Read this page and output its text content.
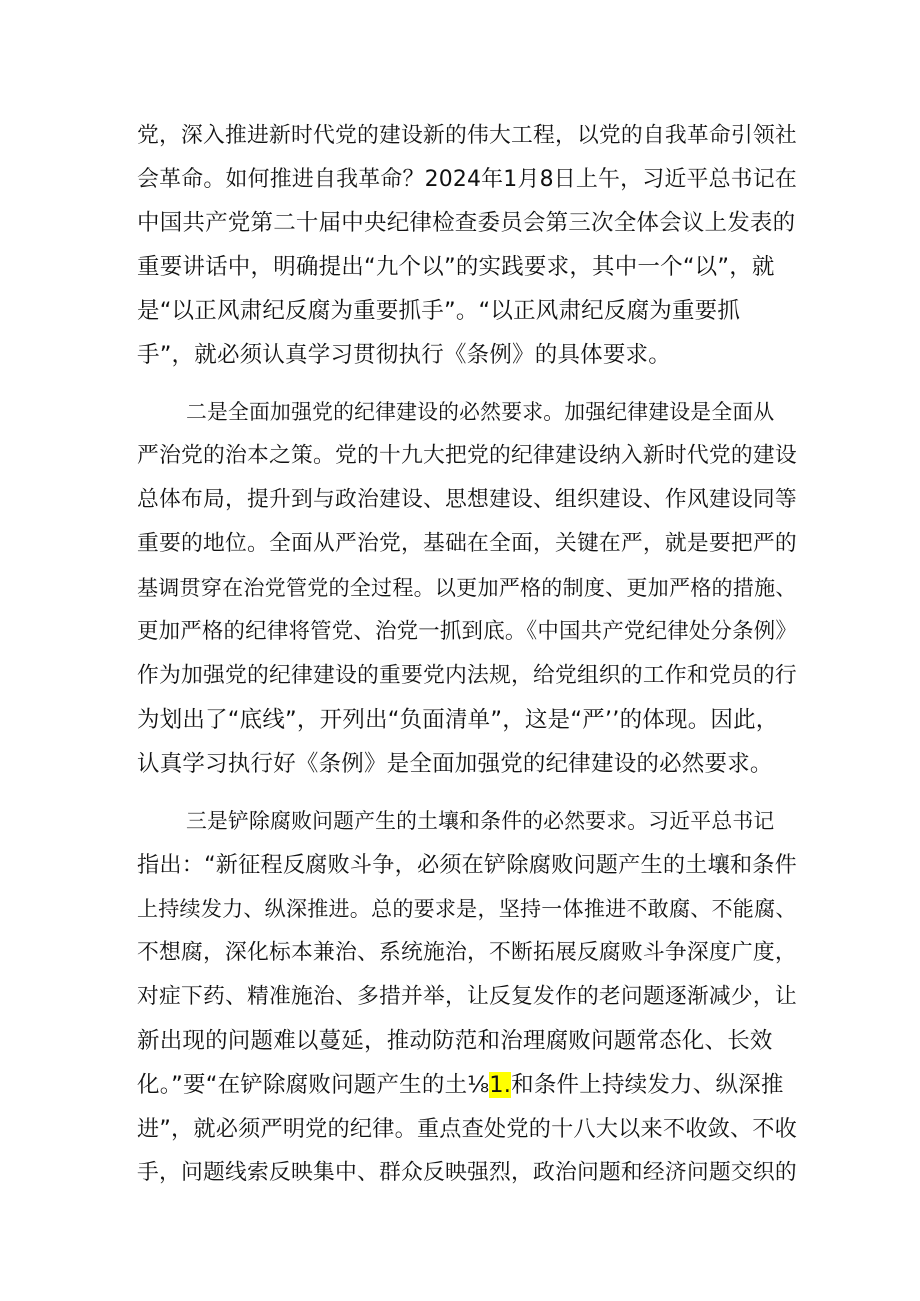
党，深入推进新时代党的建设新的伟大工程，以党的自我革命引领社
会革命。如何推进自我革命？2024年1月8日上午，习近平总书记在
中国共产党第二十届中央纪律检查委员会第三次全体会议上发表的
重要讲话中，明确提出“九个以”的实践要求，其中一个“以”，就
是“以正风肃纪反腐为重要抓手”。“以正风肃纪反腐为重要抓
手”，就必须认真学习贯彻执行《条例》的具体要求。
二是全面加强党的纪律建设的必然要求。加强纪律建设是全面从
严治党的治本之策。党的十九大把党的纪律建设纳入新时代党的建设
总体布局，提升到与政治建设、思想建设、组织建设、作风建设同等
重要的地位。全面从严治党，基础在全面，关键在严，就是要把严的
基调贯穿在治党管党的全过程。以更加严格的制度、更加严格的措施、
更加严格的纪律将管党、治党一抓到底。《中国共产党纪律处分条例》
作为加强党的纪律建设的重要党内法规，给党组织的工作和党员的行
为划出了“底线”，开列出“负面清单”，这是“严’’的体现。因此，
认真学习执行好《条例》是全面加强党的纪律建设的必然要求。
三是铲除腐败问题产生的土壤和条件的必然要求。习近平总书记
指出：“新征程反腐败斗争，必须在铲除腐败问题产生的土壤和条件
上持续发力、纵深推进。总的要求是，坚持一体推进不敢腐、不能腐、
不想腐，深化标本兼治、系统施治，不断拓展反腐败斗争深度广度，
对症下药、精准施治、多措并举，让反复发作的老问题逐渐减少，让
新出现的问题难以蔓延，推动防范和治理腐败问题常态化、长效
化。”要“在铲除腐败问题产生的土⅛1.和条件上持续发力、纵深推
进”，就必须严明党的纪律。重点查处党的十八大以来不收敛、不收
手，问题线索反映集中、群众反映强烈，政治问题和经济问题交织的
